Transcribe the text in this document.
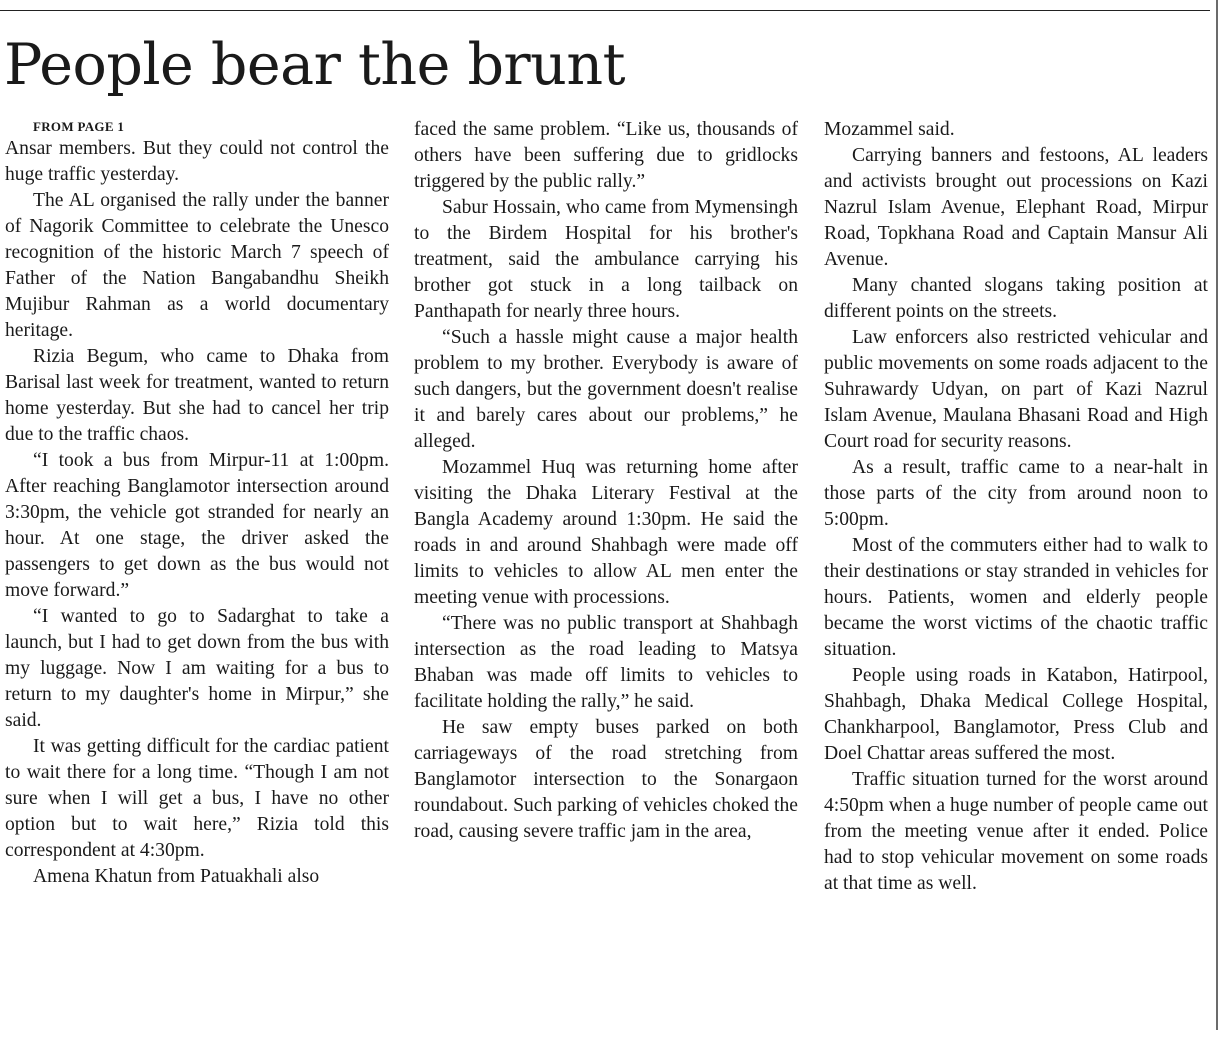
People bear the brunt

FROM PAGE 1

Ansar members. But they could not control the huge traffic yesterday.

The AL organised the rally under the banner of Nagorik Committee to celebrate the Unesco recognition of the historic March 7 speech of Father of the Nation Bangabandhu Sheikh Mujibur Rahman as a world documentary heritage.

Rizia Begum, who came to Dhaka from Barisal last week for treatment, wanted to return home yesterday. But she had to cancel her trip due to the traffic chaos.

“I took a bus from Mirpur-11 at 1:00pm. After reaching Banglamotor intersection around 3:30pm, the vehicle got stranded for nearly an hour. At one stage, the driver asked the passengers to get down as the bus would not move forward.”

“I wanted to go to Sadarghat to take a launch, but I had to get down from the bus with my luggage. Now I am waiting for a bus to return to my daughter's home in Mirpur,” she said.

It was getting difficult for the cardiac patient to wait there for a long time. “Though I am not sure when I will get a bus, I have no other option but to wait here,” Rizia told this correspondent at 4:30pm.

Amena Khatun from Patuakhali also

faced the same problem. “Like us, thousands of others have been suffering due to gridlocks triggered by the public rally.”

Sabur Hossain, who came from Mymensingh to the Birdem Hospital for his brother's treatment, said the ambulance carrying his brother got stuck in a long tailback on Panthapath for nearly three hours.

“Such a hassle might cause a major health problem to my brother. Everybody is aware of such dangers, but the government doesn't realise it and barely cares about our problems,” he alleged.

Mozammel Huq was returning home after visiting the Dhaka Literary Festival at the Bangla Academy around 1:30pm. He said the roads in and around Shahbagh were made off limits to vehicles to allow AL men enter the meeting venue with processions.

“There was no public transport at Shahbagh intersection as the road leading to Matsya Bhaban was made off limits to vehicles to facilitate holding the rally,” he said.

He saw empty buses parked on both carriageways of the road stretching from Banglamotor intersection to the Sonargaon roundabout. Such parking of vehicles choked the road, causing severe traffic jam in the area,

Mozammel said.

Carrying banners and festoons, AL leaders and activists brought out processions on Kazi Nazrul Islam Avenue, Elephant Road, Mirpur Road, Topkhana Road and Captain Mansur Ali Avenue.

Many chanted slogans taking position at different points on the streets.

Law enforcers also restricted vehicular and public movements on some roads adjacent to the Suhrawardy Udyan, on part of Kazi Nazrul Islam Avenue, Maulana Bhasani Road and High Court road for security reasons.

As a result, traffic came to a near-halt in those parts of the city from around noon to 5:00pm.

Most of the commuters either had to walk to their destinations or stay stranded in vehicles for hours. Patients, women and elderly people became the worst victims of the chaotic traffic situation.

People using roads in Katabon, Hatirpool, Shahbagh, Dhaka Medical College Hospital, Chankharpool, Banglamotor, Press Club and Doel Chattar areas suffered the most.

Traffic situation turned for the worst around 4:50pm when a huge number of people came out from the meeting venue after it ended. Police had to stop vehicular movement on some roads at that time as well.
